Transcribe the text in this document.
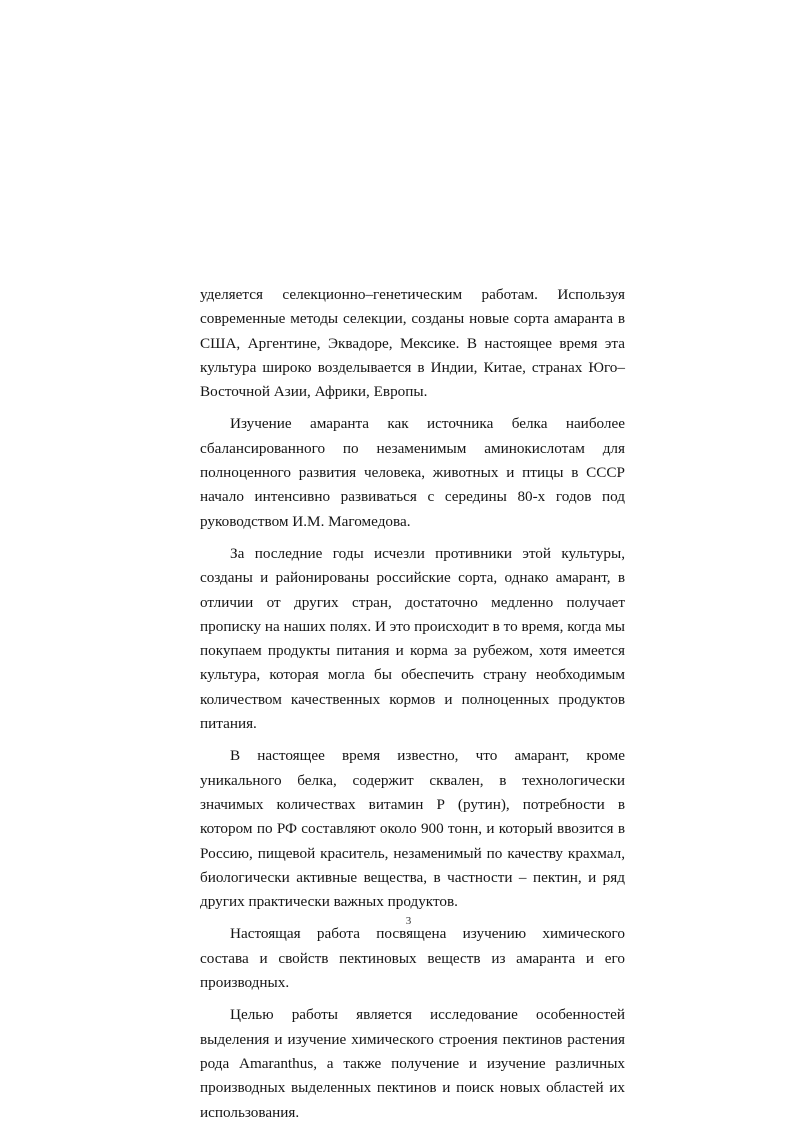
уделяется селекционно–генетическим работам. Используя современные методы селекции, созданы новые сорта амаранта в США, Аргентине, Эквадоре, Мексике. В настоящее время эта культура широко возделывается в Индии, Китае, странах Юго–Восточной Азии, Африки, Европы.

Изучение амаранта как источника белка наиболее сбалансированного по незаменимым аминокислотам для полноценного развития человека, животных и птицы в СССР начало интенсивно развиваться с середины 80-х годов под руководством И.М. Магомедова.

За последние годы исчезли противники этой культуры, созданы и районированы российские сорта, однако амарант, в отличии от других стран, достаточно медленно получает прописку на наших полях. И это происходит в то время, когда мы покупаем продукты питания и корма за рубежом, хотя имеется культура, которая могла бы обеспечить страну необходимым количеством качественных кормов и полноценных продуктов питания.

В настоящее время известно, что амарант, кроме уникального белка, содержит сквален, в технологически значимых количествах витамин Р (рутин), потребности в котором по РФ составляют около 900 тонн, и который ввозится в Россию, пищевой краситель, незаменимый по качеству крахмал, биологически активные вещества, в частности – пектин, и ряд других практически важных продуктов.

Настоящая работа посвящена изучению химического состава и свойств пектиновых веществ из амаранта и его производных.

Целью работы является исследование особенностей выделения и изучение химического строения пектинов растения рода Amaranthus, а также получение и изучение различных производных выделенных пектинов и поиск новых областей их использования.

3
